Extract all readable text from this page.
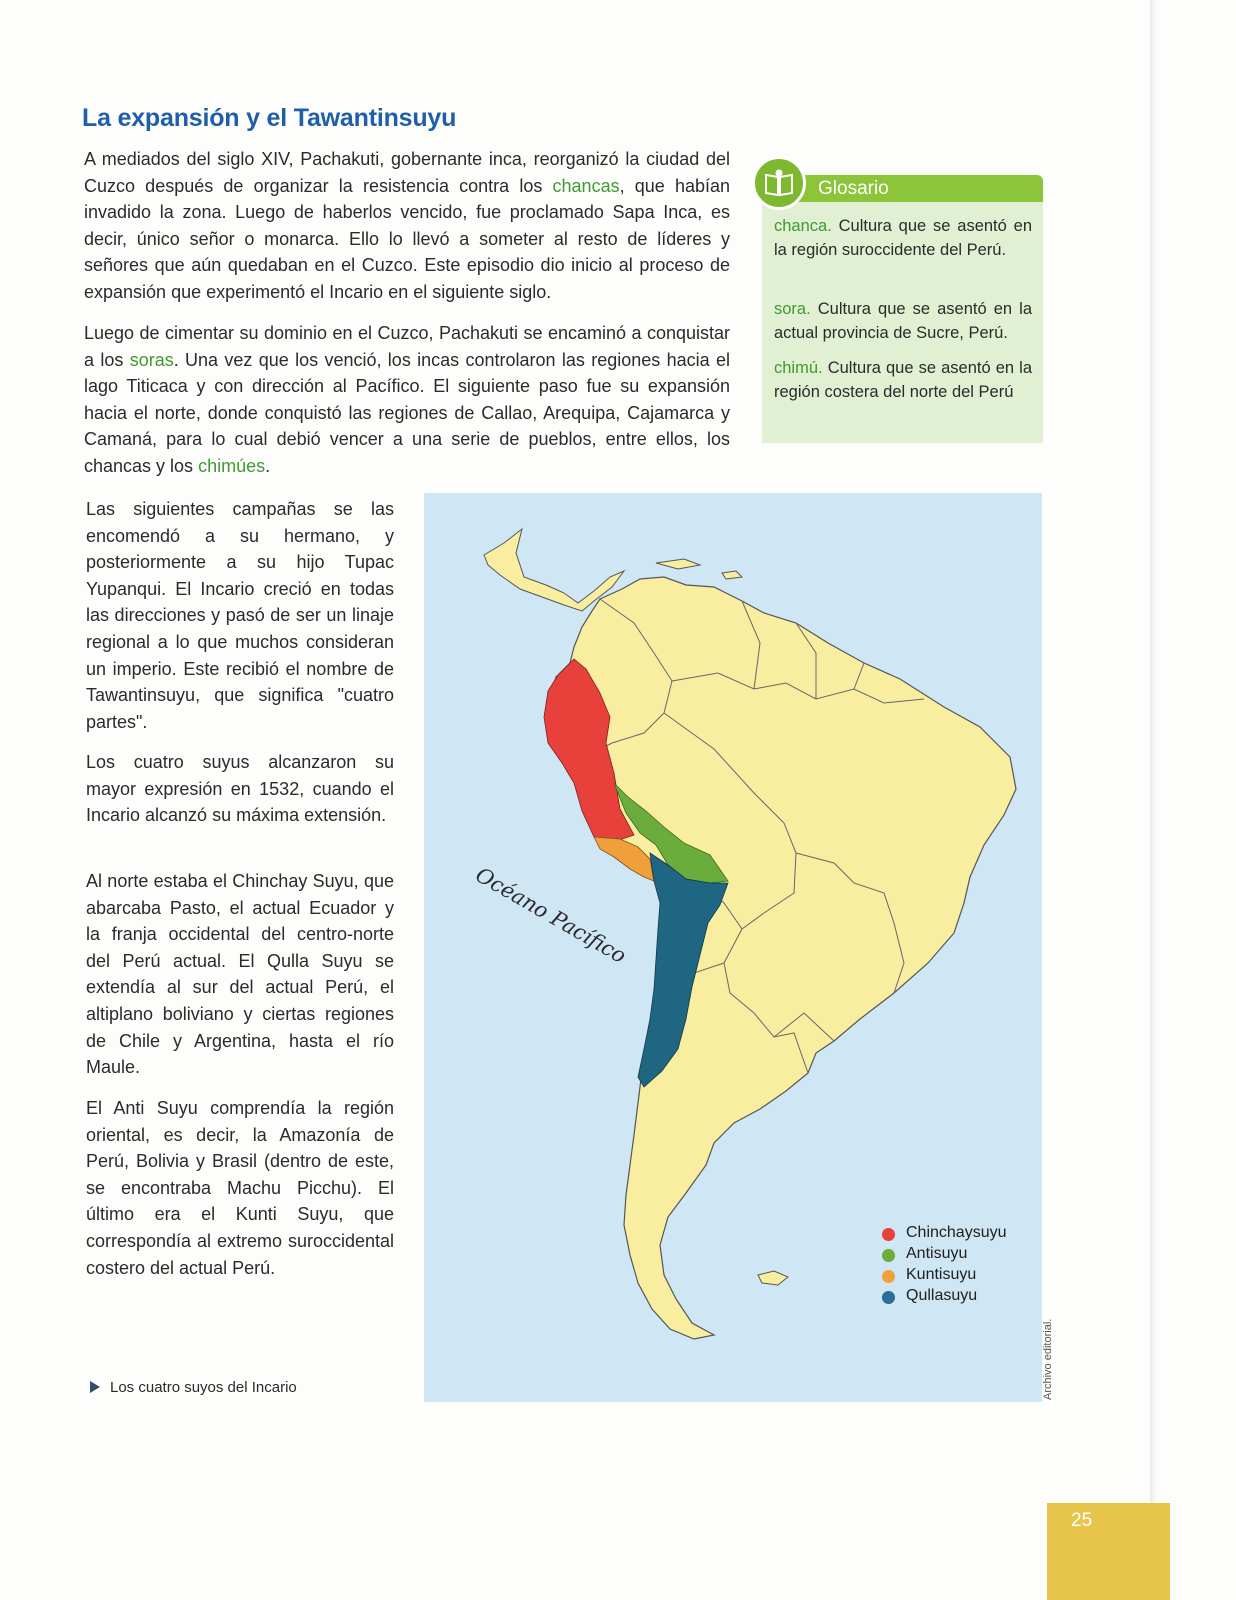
La expansión y el Tawantinsuyu

A mediados del siglo XIV, Pachakuti, gobernante inca, reorganizó la ciudad del Cuzco después de organizar la resistencia contra los chancas, que habían invadido la zona. Luego de haberlos vencido, fue proclamado Sapa Inca, es decir, único señor o monarca. Ello lo llevó a someter al resto de líderes y señores que aún quedaban en el Cuzco. Este episodio dio inicio al proceso de expansión que experimentó el Incario en el siguiente siglo.

Luego de cimentar su dominio en el Cuzco, Pachakuti se encaminó a conquistar a los soras. Una vez que los venció, los incas controlaron las regiones hacia el lago Titicaca y con dirección al Pacífico. El siguiente paso fue su expansión hacia el norte, donde conquistó las regiones de Callao, Arequipa, Cajamarca y Camaná, para lo cual debió vencer a una serie de pueblos, entre ellos, los chancas y los chimúes.

Glosario

chanca. Cultura que se asentó en la región suroccidente del Perú.

sora. Cultura que se asentó en la actual provincia de Sucre, Perú.

chimú. Cultura que se asentó en la región costera del norte del Perú

Las siguientes campañas se las encomendó a su hermano, y posteriormente a su hijo Tupac Yupanqui. El Incario creció en todas las direcciones y pasó de ser un linaje regional a lo que muchos consideran un imperio. Este recibió el nombre de Tawantinsuyu, que significa "cuatro partes".

Los cuatro suyus alcanzaron su mayor expresión en 1532, cuando el Incario alcanzó su máxima extensión.

Al norte estaba el Chinchay Suyu, que abarcaba Pasto, el actual Ecuador y la franja occidental del centro-norte del Perú actual. El Qulla Suyu se extendía al sur del actual Perú, el altiplano boliviano y ciertas regiones de Chile y Argentina, hasta el río Maule.

El Anti Suyu comprendía la región oriental, es decir, la Amazonía de Perú, Bolivia y Brasil (dentro de este, se encontraba Machu Picchu). El último era el Kunti Suyu, que correspondía al extremo suroccidental costero del actual Perú.

Océano Pacífico
Chinchaysuyu
Antisuyu
Kuntisuyu
Qullasuyu
Los cuatro suyos del Incario	Archivo editorial.
25
